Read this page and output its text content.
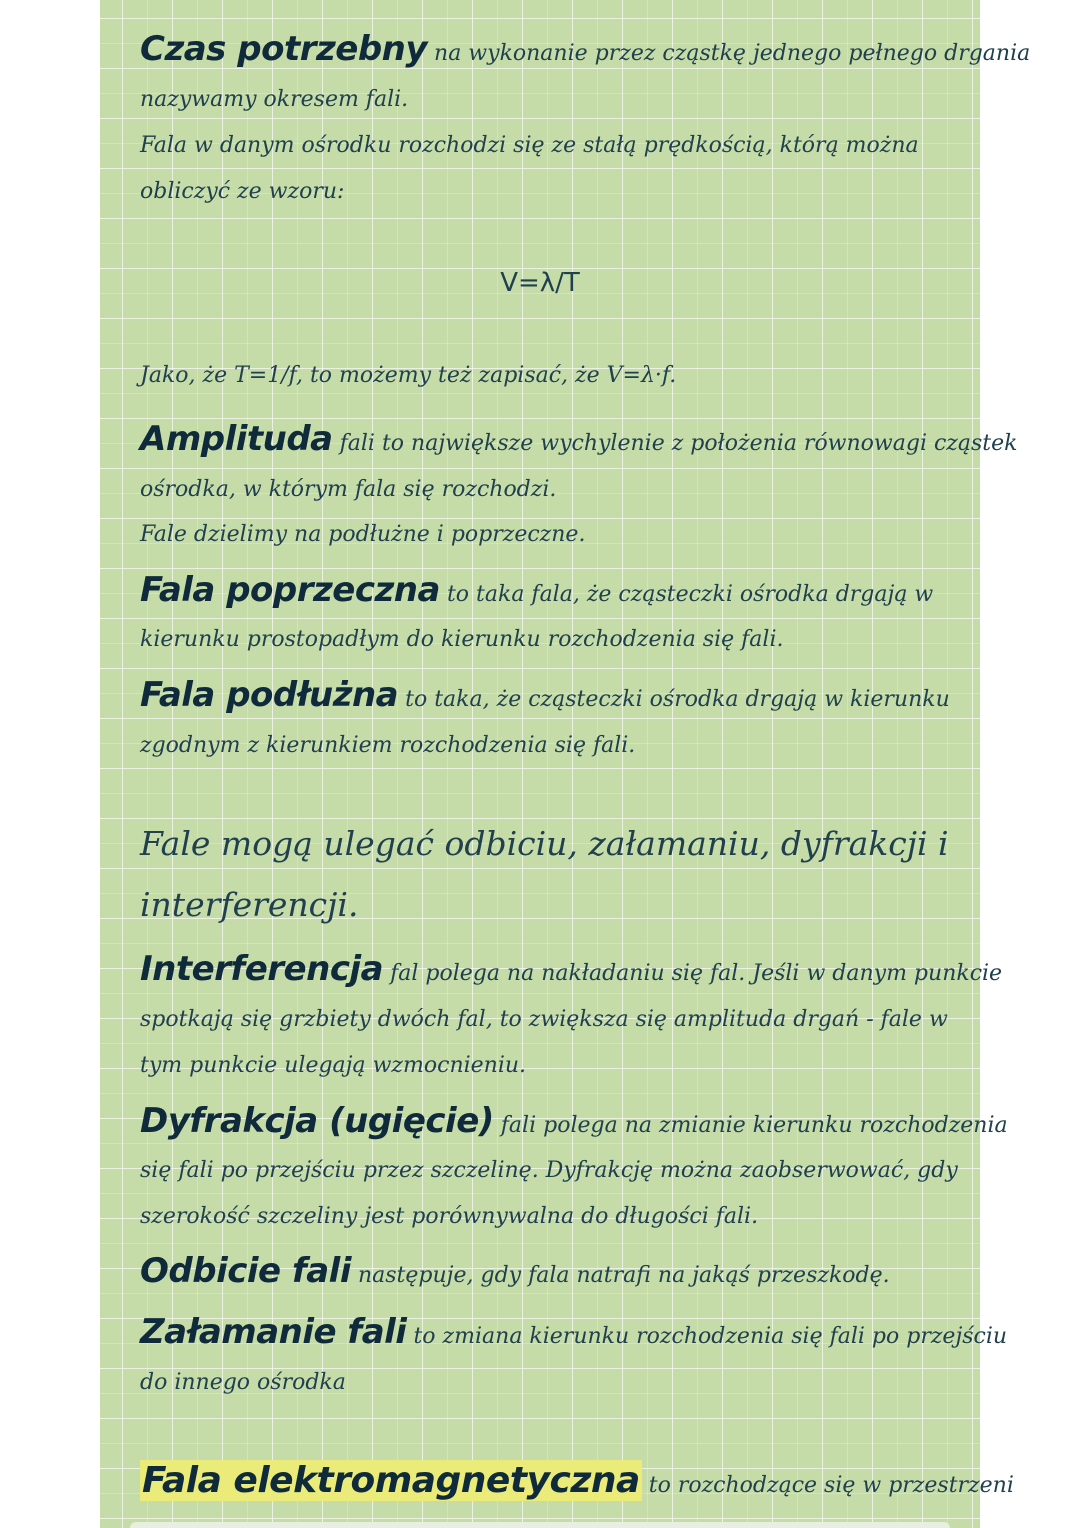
Czas potrzebny na wykonanie przez cząstkę jednego pełnego drgania

nazywamy okresem fali.

Fala w danym ośrodku rozchodzi się ze stałą prędkością, którą można

obliczyć ze wzoru:

V=λ/T

Jako, że T=1/f, to możemy też zapisać, że V=λ·f.

Amplituda fali to największe wychylenie z położenia równowagi cząstek

ośrodka, w którym fala się rozchodzi.

Fale dzielimy na podłużne i poprzeczne.

Fala poprzeczna to taka fala, że cząsteczki ośrodka drgają w

kierunku prostopadłym do kierunku rozchodzenia się fali.

Fala podłużna to taka, że cząsteczki ośrodka drgają w kierunku

zgodnym z kierunkiem rozchodzenia się fali.

Fale mogą ulegać odbiciu, załamaniu, dyfrakcji i

interferencji.

Interferencja fal polega na nakładaniu się fal. Jeśli w danym punkcie

spotkają się grzbiety dwóch fal, to zwiększa się amplituda drgań - fale w

tym punkcie ulegają wzmocnieniu.

Dyfrakcja (ugięcie) fali polega na zmianie kierunku rozchodzenia

się fali po przejściu przez szczelinę. Dyfrakcję można zaobserwować, gdy

szerokość szczeliny jest porównywalna do długości fali.

Odbicie fali następuje, gdy fala natrafi na jakąś przeszkodę.

Załamanie fali to zmiana kierunku rozchodzenia się fali po przejściu

do innego ośrodka

Fala elektromagnetyczna to rozchodzące się w przestrzeni
